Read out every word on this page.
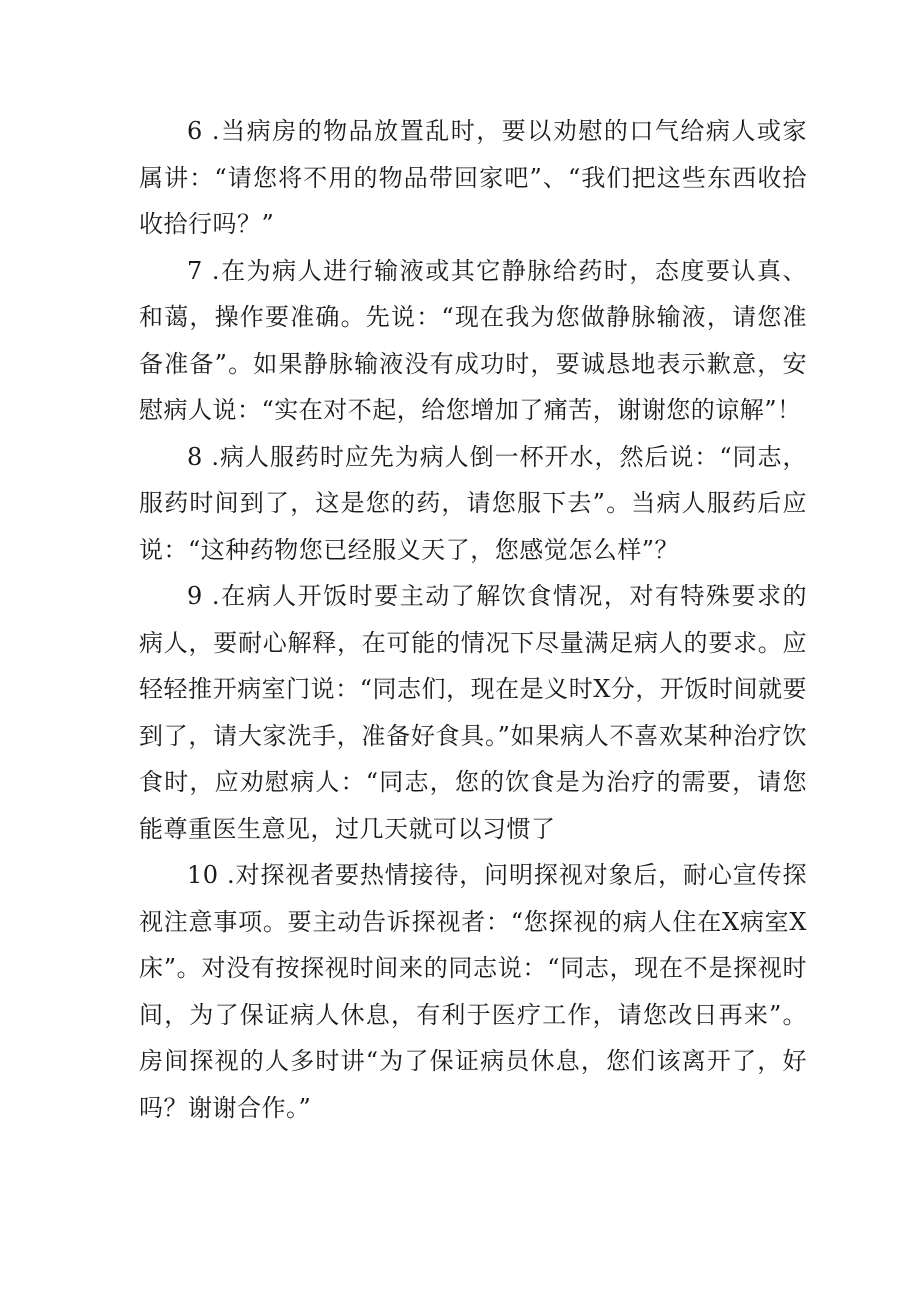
6 .当病房的物品放置乱时，要以劝慰的口气给病人或家属讲：“请您将不用的物品带回家吧”、“我们把这些东西收拾收拾行吗？”

7 .在为病人进行输液或其它静脉给药时，态度要认真、和蔼，操作要准确。先说：“现在我为您做静脉输液，请您准备准备”。如果静脉输液没有成功时，要诚恳地表示歉意，安慰病人说：“实在对不起，给您增加了痛苦，谢谢您的谅解”！

8 .病人服药时应先为病人倒一杯开水，然后说：“同志，服药时间到了，这是您的药，请您服下去”。当病人服药后应说：“这种药物您已经服义天了，您感觉怎么样”？

9 .在病人开饭时要主动了解饮食情况，对有特殊要求的病人，要耐心解释，在可能的情况下尽量满足病人的要求。应轻轻推开病室门说：“同志们，现在是义时X分，开饭时间就要到了，请大家洗手，准备好食具。”如果病人不喜欢某种治疗饮食时，应劝慰病人：“同志，您的饮食是为治疗的需要，请您能尊重医生意见，过几天就可以习惯了

10 .对探视者要热情接待，问明探视对象后，耐心宣传探视注意事项。要主动告诉探视者：“您探视的病人住在X病室X床”。对没有按探视时间来的同志说：“同志，现在不是探视时间，为了保证病人休息，有利于医疗工作，请您改日再来”。房间探视的人多时讲“为了保证病员休息，您们该离开了，好吗？谢谢合作。”
